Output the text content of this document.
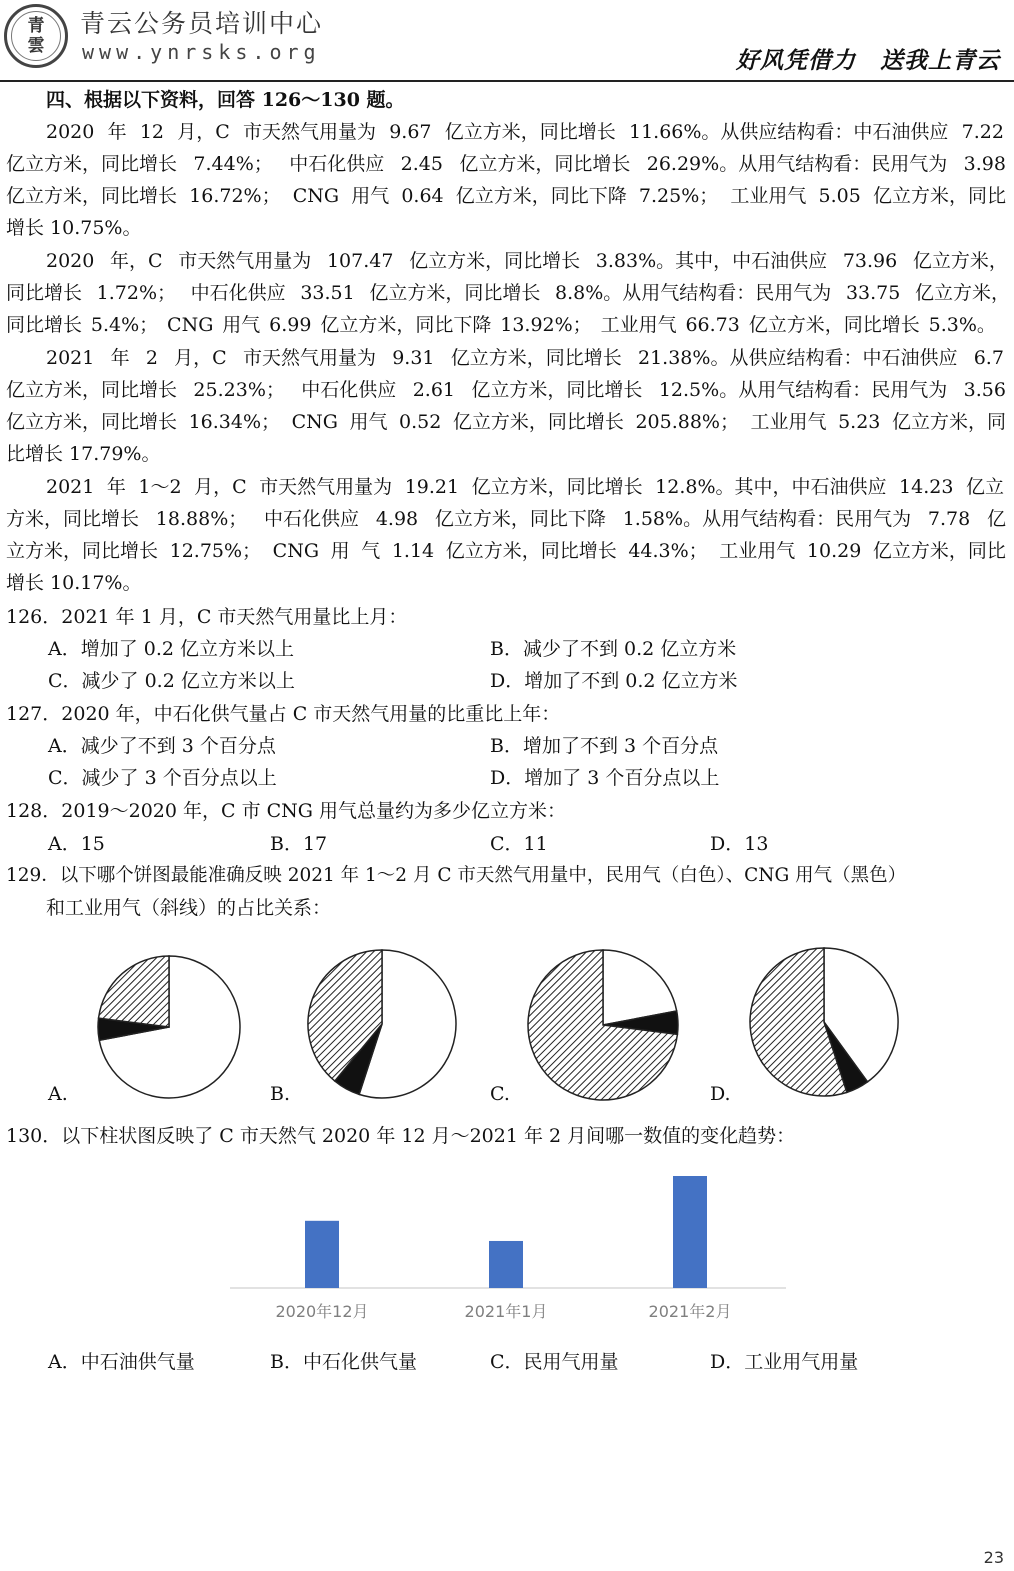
青
雲
青云公务员培训中心
www.ynrsks.org	好风凭借力　送我上青云
四、根据以下资料，回答 126～130 题。
2020 年 12 月，C 市天然气用量为 9.67 亿立方米，同比增长 11.66%。从供应结构看：中石油供应 7.22
亿立方米，同比增长 7.44%； 中石化供应 2.45 亿立方米，同比增长 26.29%。从用气结构看：民用气为 3.98
亿立方米，同比增长 16.72%； CNG 用气 0.64 亿立方米，同比下降 7.25%； 工业用气 5.05 亿立方米，同比
增长 10.75%。
2020 年，C 市天然气用量为 107.47 亿立方米，同比增长 3.83%。其中，中石油供应 73.96 亿立方米，
同比增长 1.72%； 中石化供应 33.51 亿立方米，同比增长 8.8%。从用气结构看：民用气为 33.75 亿立方米，
同比增长 5.4%； CNG 用气 6.99 亿立方米，同比下降 13.92%； 工业用气 66.73 亿立方米，同比增长 5.3%。
2021 年 2 月，C 市天然气用量为 9.31 亿立方米，同比增长 21.38%。从供应结构看：中石油供应 6.7
亿立方米，同比增长 25.23%； 中石化供应 2.61 亿立方米，同比增长 12.5%。从用气结构看：民用气为 3.56
亿立方米，同比增长 16.34%； CNG 用气 0.52 亿立方米，同比增长 205.88%； 工业用气 5.23 亿立方米，同
比增长 17.79%。
2021 年 1～2 月，C 市天然气用量为 19.21 亿立方米，同比增长 12.8%。其中，中石油供应 14.23 亿立
方米，同比增长 18.88%； 中石化供应 4.98 亿立方米，同比下降 1.58%。从用气结构看：民用气为 7.78 亿
立方米，同比增长 12.75%； CNG 用 气 1.14 亿立方米，同比增长 44.3%； 工业用气 10.29 亿立方米，同比
增长 10.17%。
126．2021 年 1 月，C 市天然气用量比上月：
A．增加了 0.2 亿立方米以上	B．减少了不到 0.2 亿立方米
C．减少了 0.2 亿立方米以上	D．增加了不到 0.2 亿立方米
127．2020 年，中石化供气量占 C 市天然气用量的比重比上年：
A．减少了不到 3 个百分点	B．增加了不到 3 个百分点
C．减少了 3 个百分点以上	D．增加了 3 个百分点以上
128．2019～2020 年，C 市 CNG 用气总量约为多少亿立方米：
A．15	B．17	C．11	D．13
129．以下哪个饼图最能准确反映 2021 年 1～2 月 C 市天然气用量中，民用气（白色）、CNG 用气（黑色）
和工业用气（斜线）的占比关系：
A.	B.	C.	D.
130．以下柱状图反映了 C 市天然气 2020 年 12 月～2021 年 2 月间哪一数值的变化趋势：
2020年12月	2021年1月	2021年2月
A．中石油供气量	B．中石化供气量	C．民用气用量	D．工业用气用量
23
